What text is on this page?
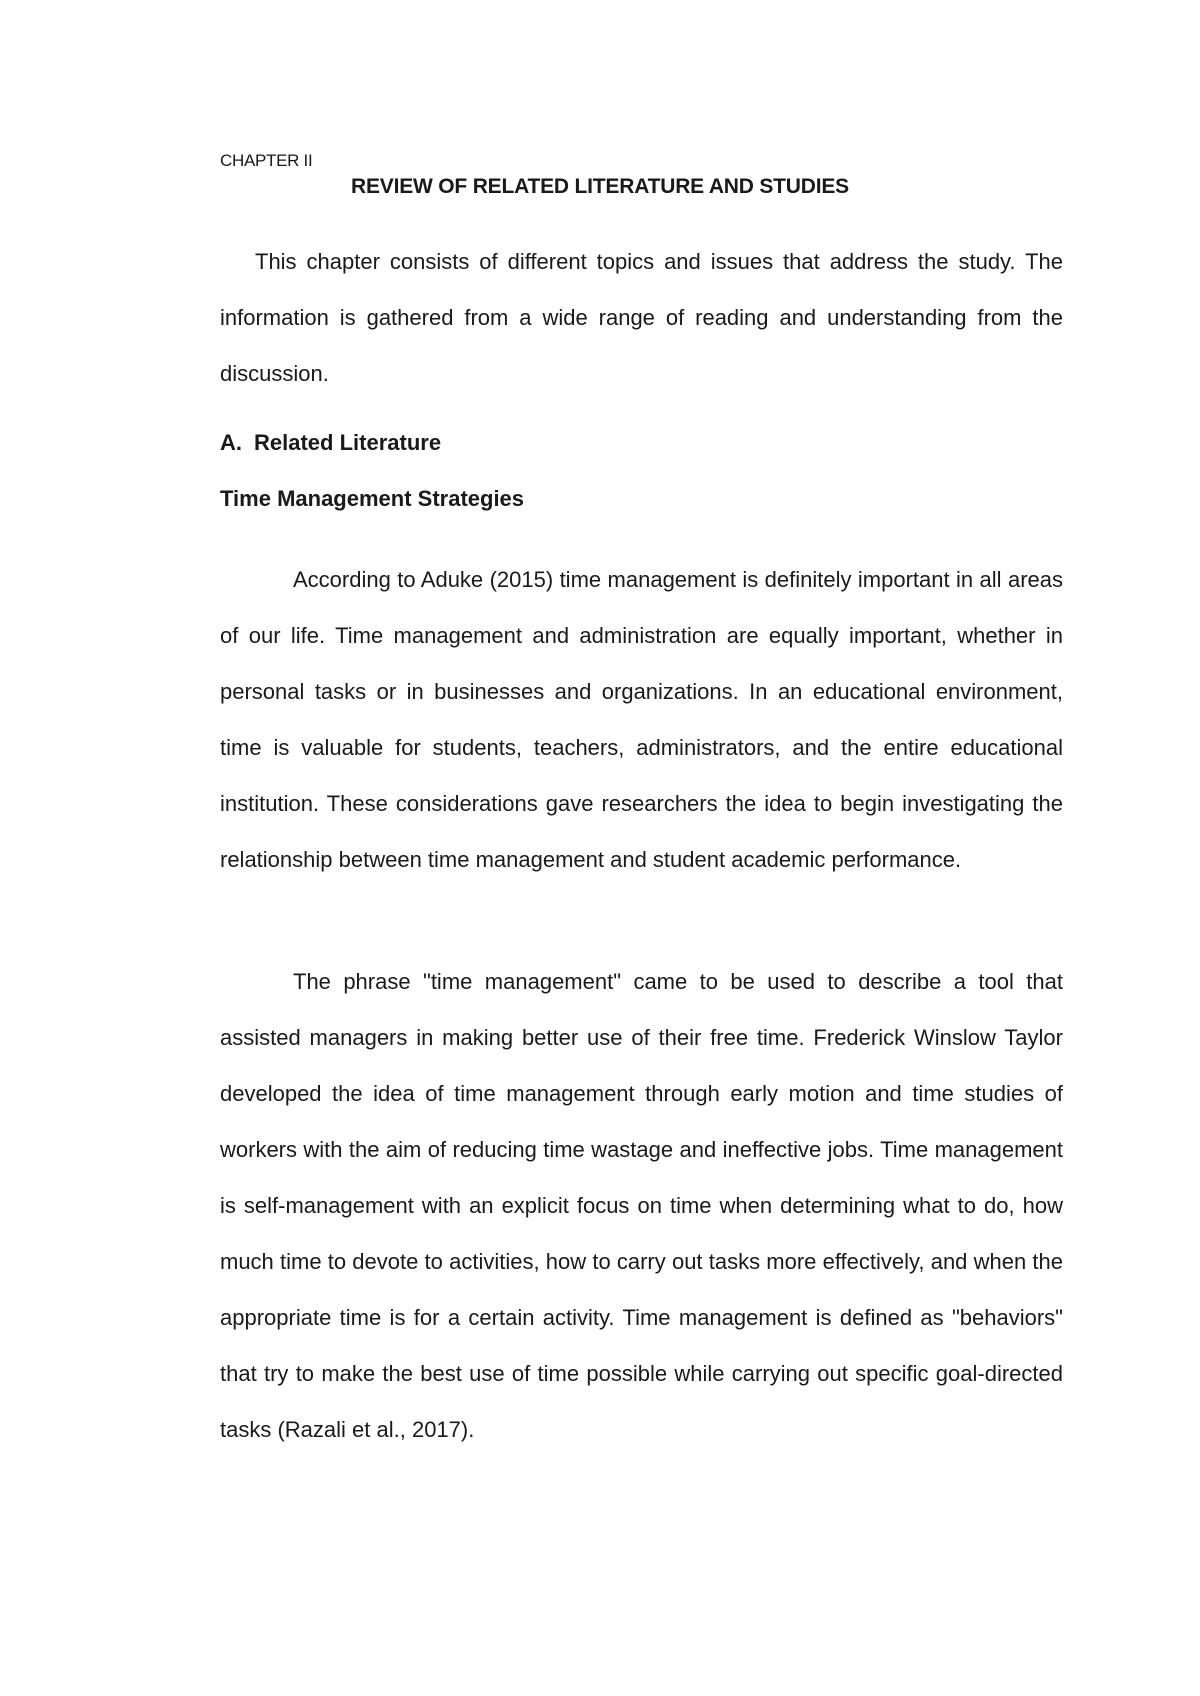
CHAPTER II
REVIEW OF RELATED LITERATURE AND STUDIES

This chapter consists of different topics and issues that address the study. The information is gathered from a wide range of reading and understanding from the discussion.

A. Related Literature
Time Management Strategies

According to Aduke (2015) time management is definitely important in all areas of our life. Time management and administration are equally important, whether in personal tasks or in businesses and organizations. In an educational environment, time is valuable for students, teachers, administrators, and the entire educational institution. These considerations gave researchers the idea to begin investigating the relationship between time management and student academic performance.

The phrase "time management" came to be used to describe a tool that assisted managers in making better use of their free time. Frederick Winslow Taylor developed the idea of time management through early motion and time studies of workers with the aim of reducing time wastage and ineffective jobs. Time management is self-management with an explicit focus on time when determining what to do, how much time to devote to activities, how to carry out tasks more effectively, and when the appropriate time is for a certain activity. Time management is defined as "behaviors" that try to make the best use of time possible while carrying out specific goal-directed tasks (Razali et al., 2017).
